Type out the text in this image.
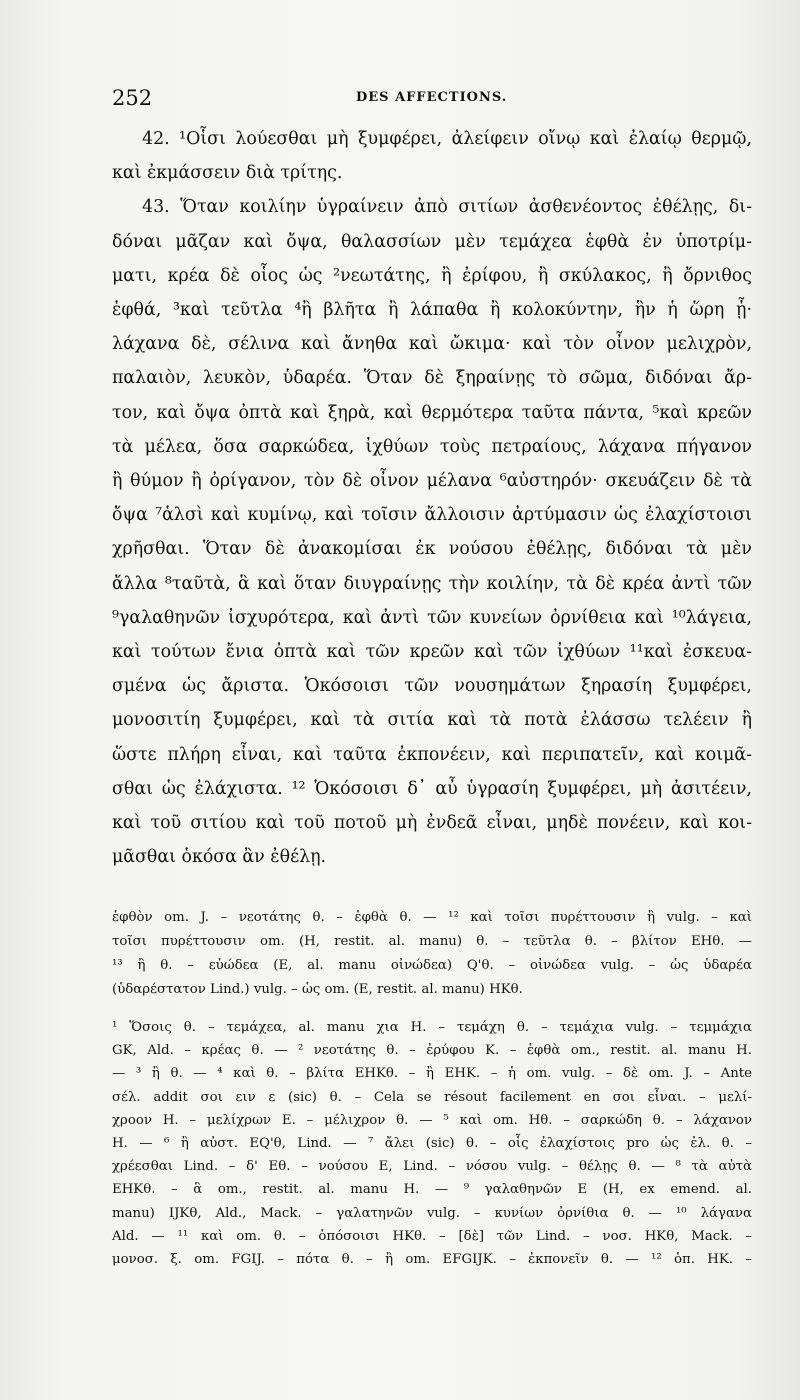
252	DES AFFECTIONS.
42. ¹Οἷσι λούεσθαι μὴ ξυμφέρει, ἀλείφειν οἴνῳ καὶ ἐλαίῳ θερμῷ,
καὶ ἐκμάσσειν διὰ τρίτης.
43. Ὅταν κοιλίην ὑγραίνειν ἀπὸ σιτίων ἀσθενέοντος ἐθέλῃς, δι-
δόναι μᾶζαν καὶ ὄψα, θαλασσίων μὲν τεμάχεα ἑφθὰ ἐν ὑποτρίμ-
ματι, κρέα δὲ οἷος ὡς ²νεωτάτης, ἢ ἐρίφου, ἢ σκύλακος, ἢ ὄρνιθος
ἑφθά, ³καὶ τεῦτλα ⁴ἢ βλῆτα ἢ λάπαθα ἢ κολοκύντην, ἣν ἡ ὥρη ᾖ·
λάχανα δὲ, σέλινα καὶ ἄνηθα καὶ ὤκιμα· καὶ τὸν οἶνον μελιχρὸν,
παλαιὸν, λευκὸν, ὑδαρέα. Ὅταν δὲ ξηραίνῃς τὸ σῶμα, διδόναι ἄρ-
τον, καὶ ὄψα ὀπτὰ καὶ ξηρὰ, καὶ θερμότερα ταῦτα πάντα, ⁵καὶ κρεῶν
τὰ μέλεα, ὅσα σαρκώδεα, ἰχθύων τοὺς πετραίους, λάχανα πήγανον
ἢ θύμον ἢ ὀρίγανον, τὸν δὲ οἶνον μέλανα ⁶αὐστηρόν· σκευάζειν δὲ τὰ
ὄψα ⁷ἁλσὶ καὶ κυμίνῳ, καὶ τοῖσιν ἄλλοισιν ἀρτύμασιν ὡς ἐλαχίστοισι
χρῆσθαι. Ὅταν δὲ ἀνακομίσαι ἐκ νούσου ἐθέλῃς, διδόναι τὰ μὲν
ἄλλα ⁸ταῦτὰ, ἃ καὶ ὅταν διυγραίνῃς τὴν κοιλίην, τὰ δὲ κρέα ἀντὶ τῶν
⁹γαλαθηνῶν ἰσχυρότερα, καὶ ἀντὶ τῶν κυνείων ὀρνίθεια καὶ ¹⁰λάγεια,
καὶ τούτων ἔνια ὀπτὰ καὶ τῶν κρεῶν καὶ τῶν ἰχθύων ¹¹καὶ ἐσκευα-
σμένα ὡς ἄριστα. Ὁκόσοισι τῶν νουσημάτων ξηρασίη ξυμφέρει,
μονοσιτίη ξυμφέρει, καὶ τὰ σιτία καὶ τὰ ποτὰ ἐλάσσω τελέειν ἢ
ὥστε πλήρη εἶναι, καὶ ταῦτα ἐκπονέειν, καὶ περιπατεῖν, καὶ κοιμᾶ-
σθαι ὡς ἐλάχιστα. ¹² Ὁκόσοισι δ᾽ αὖ ὑγρασίη ξυμφέρει, μὴ ἀσιτέειν,
καὶ τοῦ σιτίου καὶ τοῦ ποτοῦ μὴ ἐνδεᾶ εἶναι, μηδὲ πονέειν, καὶ κοι-
μᾶσθαι ὁκόσα ἂν ἐθέλῃ.
ἑφθὸν om. J. – νεοτάτης θ. – ἑφθὰ θ. — ¹² καὶ τοῖσι πυρέττουσιν ἢ vulg. – καὶ
τοῖσι πυρέττουσιν om. (H, restit. al. manu) θ. – τεῦτλα θ. – βλίτον EHθ. —
¹³ ἢ θ. – εὐώδεα (E, al. manu οἰνώδεα) Q'θ. – οἰνώδεα vulg. – ὡς ὑδαρέα
(ὑδαρέστατον Lind.) vulg. – ὡς om. (E, restit. al. manu) HKθ.
¹ Ὅσοις θ. – τεμάχεα, al. manu χια H. – τεμάχη θ. – τεμάχια vulg. – τεμμάχια
GK, Ald. – κρέας θ. — ² νεοτάτης θ. – ἐρύφου K. – ἑφθὰ om., restit. al. manu H.
— ³ ἢ θ. — ⁴ καὶ θ. – βλίτα EHKθ. – ἢ EHK. – ἡ om. vulg. – δὲ om. J. – Ante
σέλ. addit σοι ειν ε (sic) θ. – Cela se résout facilement en σοι εἶναι. – μελί-
χροον H. – μελίχρων E. – μέλιχρον θ. — ⁵ καὶ om. Hθ. – σαρκώδη θ. – λάχανον
H. — ⁶ ἢ αὐστ. EQ'θ, Lind. — ⁷ ἄλει (sic) θ. – οἷς ἐλαχίστοις pro ὡς ἐλ. θ. –
χρέεσθαι Lind. – δ' Eθ. – νούσου E, Lind. – νόσου vulg. – θέλῃς θ. — ⁸ τὰ αὐτὰ
EHKθ. – ἃ om., restit. al. manu H. — ⁹ γαλαθηνῶν E (H, ex emend. al.
manu) IJKθ, Ald., Mack. – γαλατηνῶν vulg. – κυνίων ὀρνίθια θ. — ¹⁰ λάγανα
Ald. — ¹¹ καὶ om. θ. – ὁπόσοισι HKθ. – [δὲ] τῶν Lind. – νοσ. HKθ, Mack. –
μονοσ. ξ. om. FGIJ. – πότα θ. – ἢ om. EFGIJK. – ἐκπονεῖν θ. — ¹² ὁπ. HK. –
